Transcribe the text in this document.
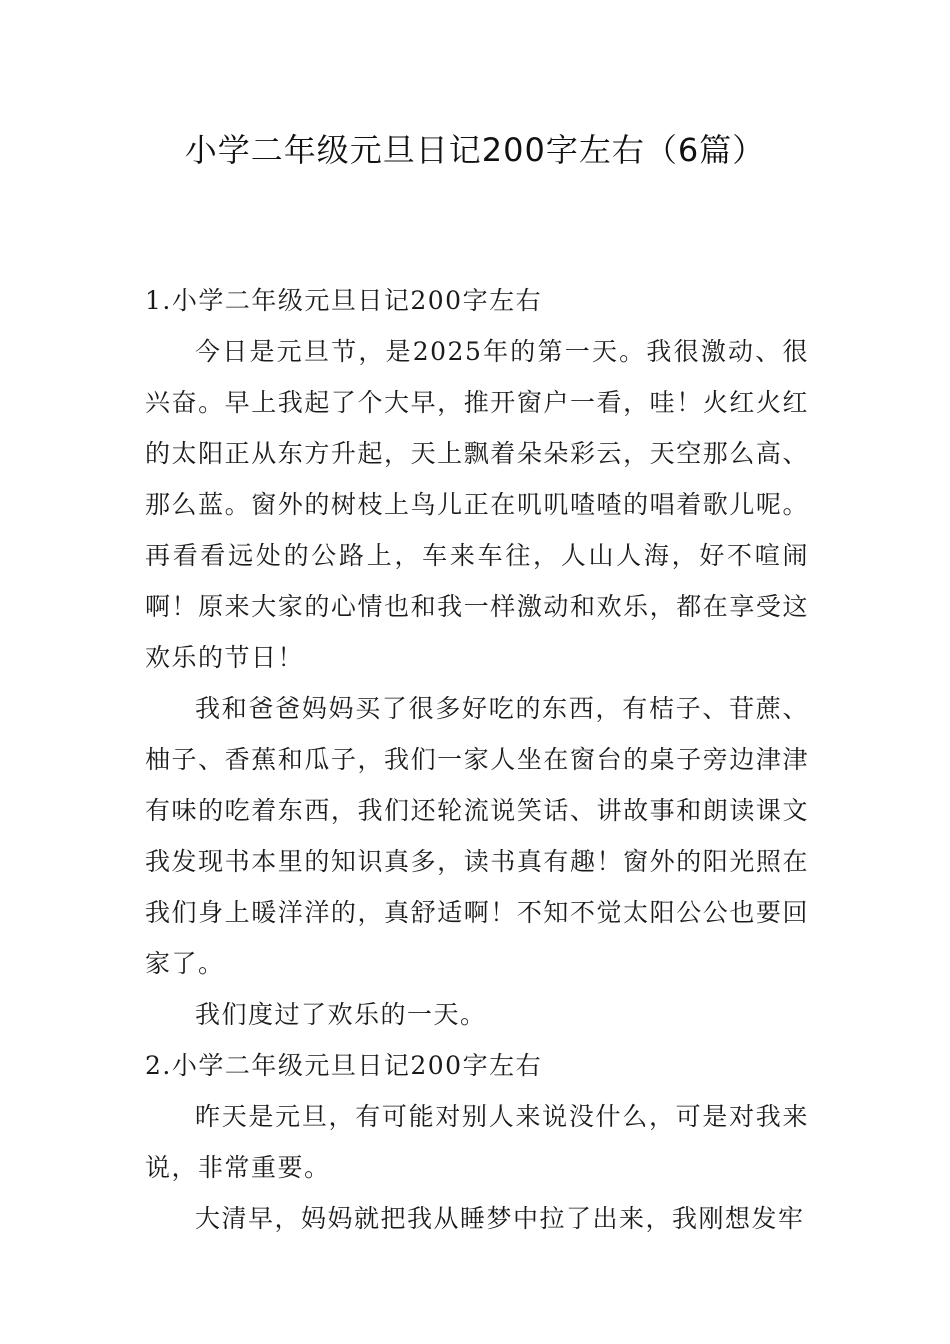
小学二年级元旦日记200字左右（6篇）
1.小学二年级元旦日记200字左右

今日是元旦节，是2025年的第一天。我很激动、很兴奋。早上我起了个大早，推开窗户一看，哇！火红火红的太阳正从东方升起，天上飘着朵朵彩云，天空那么高、那么蓝。窗外的树枝上鸟儿正在叽叽喳喳的唱着歌儿呢。再看看远处的公路上，车来车往，人山人海，好不喧闹啊！原来大家的心情也和我一样激动和欢乐，都在享受这欢乐的节日！

我和爸爸妈妈买了很多好吃的东西，有桔子、苷蔗、柚子、香蕉和瓜子，我们一家人坐在窗台的桌子旁边津津有味的吃着东西，我们还轮流说笑话、讲故事和朗读课文我发现书本里的知识真多，读书真有趣！窗外的阳光照在我们身上暖洋洋的，真舒适啊！不知不觉太阳公公也要回家了。

我们度过了欢乐的一天。

2.小学二年级元旦日记200字左右

昨天是元旦，有可能对别人来说没什么，可是对我来说，非常重要。

大清早，妈妈就把我从睡梦中拉了出来，我刚想发牢
